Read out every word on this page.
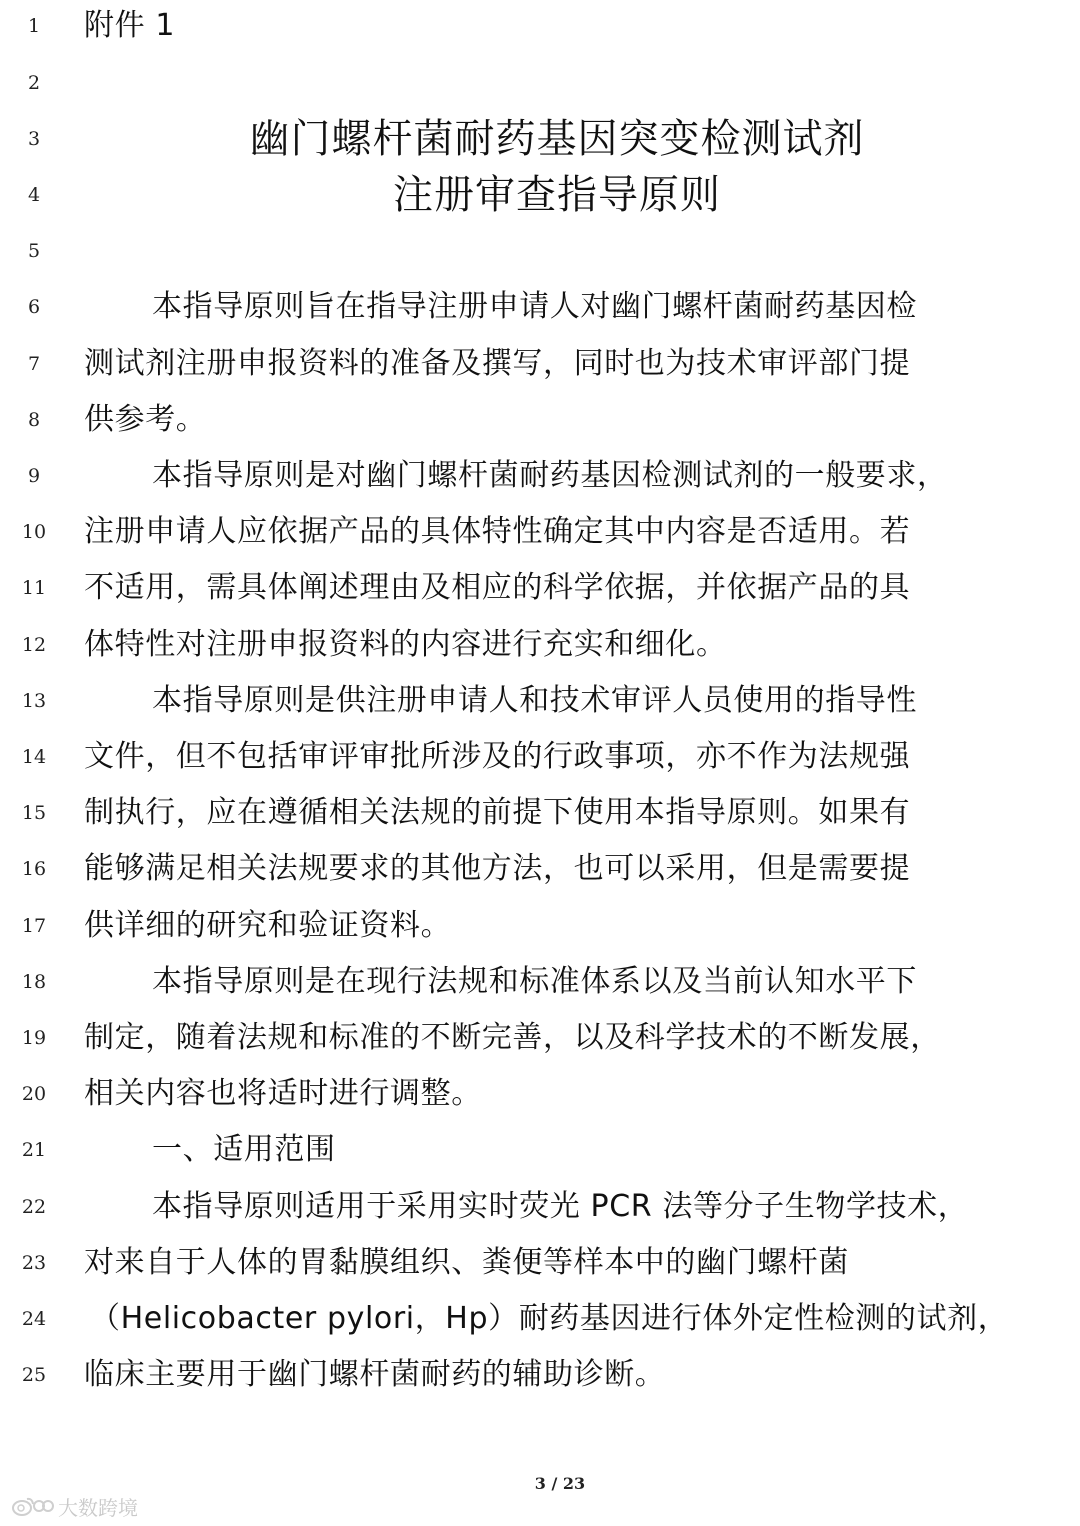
1	附件 1
2
3	幽门螺杆菌耐药基因突变检测试剂
4	注册审查指导原则
5
6	本指导原则旨在指导注册申请人对幽门螺杆菌耐药基因检
7	测试剂注册申报资料的准备及撰写，同时也为技术审评部门提
8	供参考。
9	本指导原则是对幽门螺杆菌耐药基因检测试剂的一般要求，
10	注册申请人应依据产品的具体特性确定其中内容是否适用。若
11	不适用，需具体阐述理由及相应的科学依据，并依据产品的具
12	体特性对注册申报资料的内容进行充实和细化。
13	本指导原则是供注册申请人和技术审评人员使用的指导性
14	文件，但不包括审评审批所涉及的行政事项，亦不作为法规强
15	制执行，应在遵循相关法规的前提下使用本指导原则。如果有
16	能够满足相关法规要求的其他方法，也可以采用，但是需要提
17	供详细的研究和验证资料。
18	本指导原则是在现行法规和标准体系以及当前认知水平下
19	制定，随着法规和标准的不断完善，以及科学技术的不断发展，
20	相关内容也将适时进行调整。
21	一、适用范围
22	本指导原则适用于采用实时荧光 PCR 法等分子生物学技术，
23	对来自于人体的胃黏膜组织、粪便等样本中的幽门螺杆菌
24	（Helicobacter pylori，Hp）耐药基因进行体外定性检测的试剂，
25	临床主要用于幽门螺杆菌耐药的辅助诊断。
3 / 23
大数跨境
